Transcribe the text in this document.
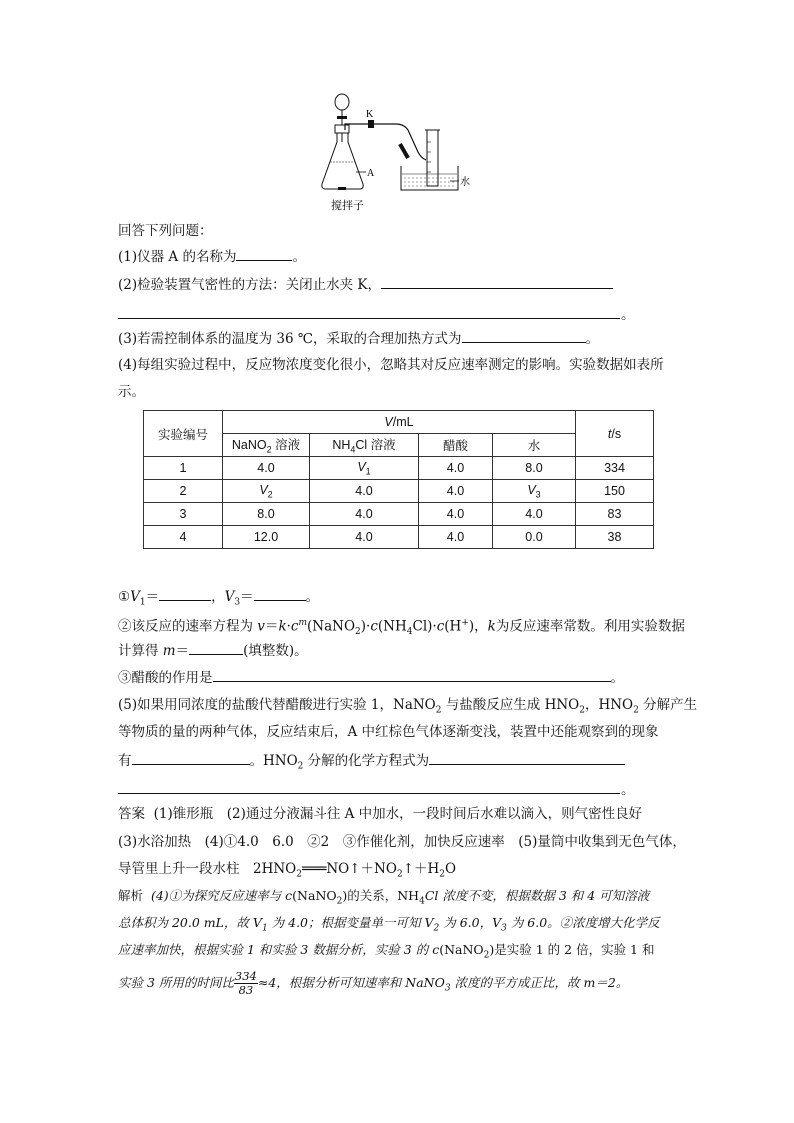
A
K
水
搅拌子
回答下列问题：
(1)仪器 A 的名称为	。
(2)检验装置气密性的方法：关闭止水夹 K，
。
(3)若需控制体系的温度为 36 ℃，采取的合理加热方式为	。
(4)每组实验过程中，反应物浓度变化很小，忽略其对反应速率测定的影响。实验数据如表所
示。
实验编号	V/mL				t/s
	NaNO$_2$ 溶液	$NH_4Cl$ 溶液	醋酸	水	
1	4.0	$V_1$	4.0	8.0	334
2	$V_2$	4.0	4.0	$V_3$	150
3	8.0	4.0	4.0	4.0	83
4	12.0	4.0	4.0	0.0	38
$①V_1=$	，$V_3=$	。
②该反应的速率方程为 $v=k\cdot c^m(NaNO_2)\cdot c(NH_4Cl)\cdot c(H^+)$，k为反应速率常数。利用实验数据
计算得 m＝	(填整数)。
③醋酸的作用是	。
(5)如果用同浓度的盐酸代替醋酸进行实验 1，NaNO$_2$ 与盐酸反应生成 $HNO_2$，$HNO_2$ 分解产生
等物质的量的两种气体，反应结束后，A 中红棕色气体逐渐变浅，装置中还能观察到的现象
有	。$HNO_2$ 分解的化学方程式为
。
答案 (1)锥形瓶　(2)通过分液漏斗往 A 中加水，一段时间后水难以滴入，则气密性良好
(3)水浴加热　(4)①4.0　6.0　②2　③作催化剂，加快反应速率　(5)量筒中收集到无色气体，
导管里上升一段水柱　$2HNO_2═══NO↑+NO_2↑+H_2O$
解析 (4)①为探究反应速率与 c(NaNO$_2$)的关系，$NH_4Cl$ 浓度不变，根据数据 3 和 4 可知溶液
总体积为 20.0 mL，故 $V_1$ 为 4.0；根据变量单一可知 $V_2$ 为 6.0，$V_3$ 为 6.0。②浓度增大化学反
应速率加快，根据实验 1 和实验 3 数据分析，实验 3 的 c(NaNO$_2$)是实验 1 的 2 倍，实验 1 和
实验 3 所用的时间比 $\frac{334}{83} \approx 4$，根据分析可知速率和 NaNO$_3$ 浓度的平方成正比，故 m＝2。
